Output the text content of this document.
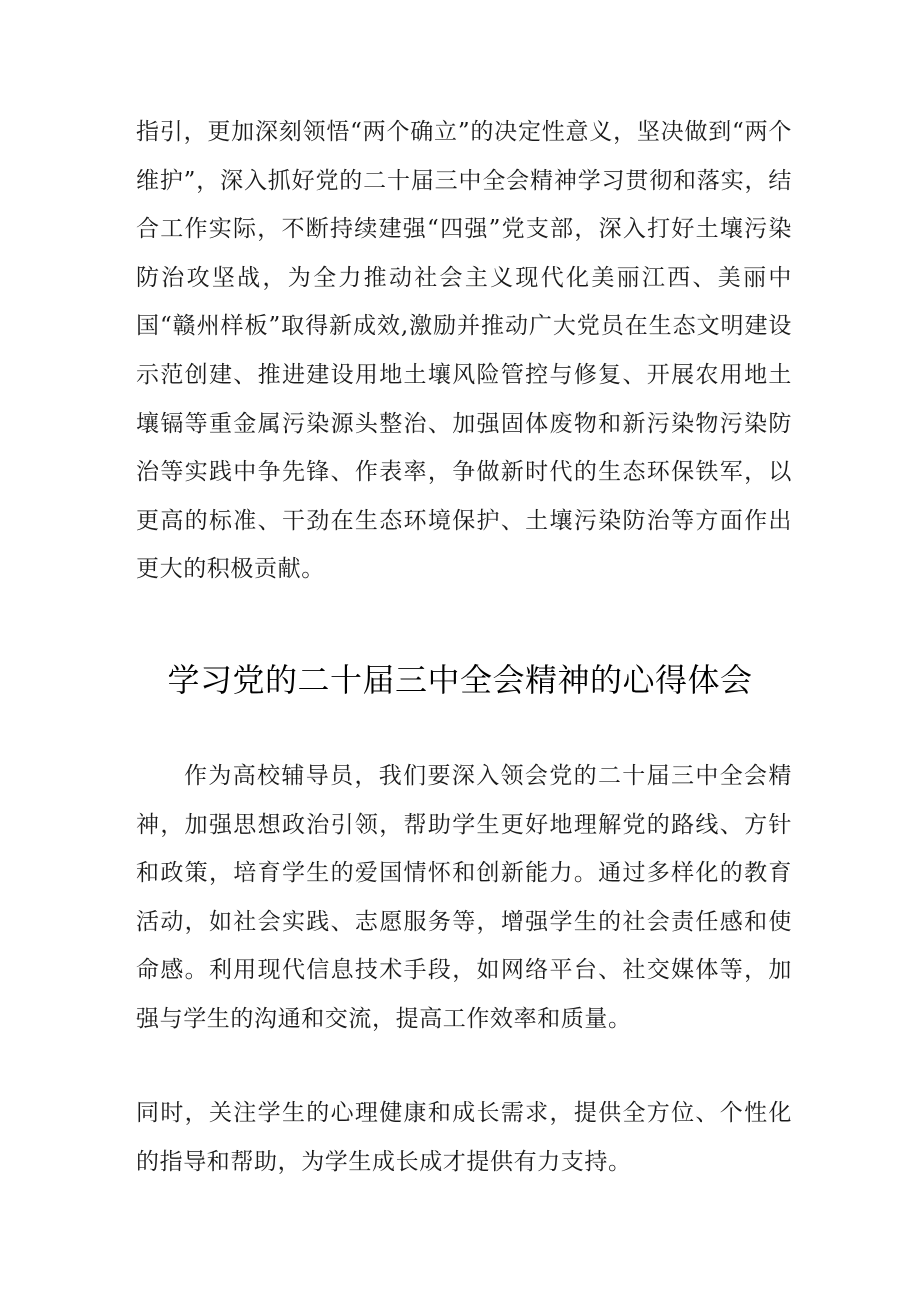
指引，更加深刻领悟“两个确立”的决定性意义，坚决做到“两个维护”，深入抓好党的二十届三中全会精神学习贯彻和落实，结合工作实际，不断持续建强“四强”党支部，深入打好土壤污染防治攻坚战，为全力推动社会主义现代化美丽江西、美丽中国“赣州样板”取得新成效,激励并推动广大党员在生态文明建设示范创建、推进建设用地土壤风险管控与修复、开展农用地土壤镉等重金属污染源头整治、加强固体废物和新污染物污染防治等实践中争先锋、作表率，争做新时代的生态环保铁军，以更高的标准、干劲在生态环境保护、土壤污染防治等方面作出更大的积极贡献。

学习党的二十届三中全会精神的心得体会

作为高校辅导员，我们要深入领会党的二十届三中全会精神，加强思想政治引领，帮助学生更好地理解党的路线、方针和政策，培育学生的爱国情怀和创新能力。通过多样化的教育活动，如社会实践、志愿服务等，增强学生的社会责任感和使命感。利用现代信息技术手段，如网络平台、社交媒体等，加强与学生的沟通和交流，提高工作效率和质量。

同时，关注学生的心理健康和成长需求，提供全方位、个性化的指导和帮助，为学生成长成才提供有力支持。
